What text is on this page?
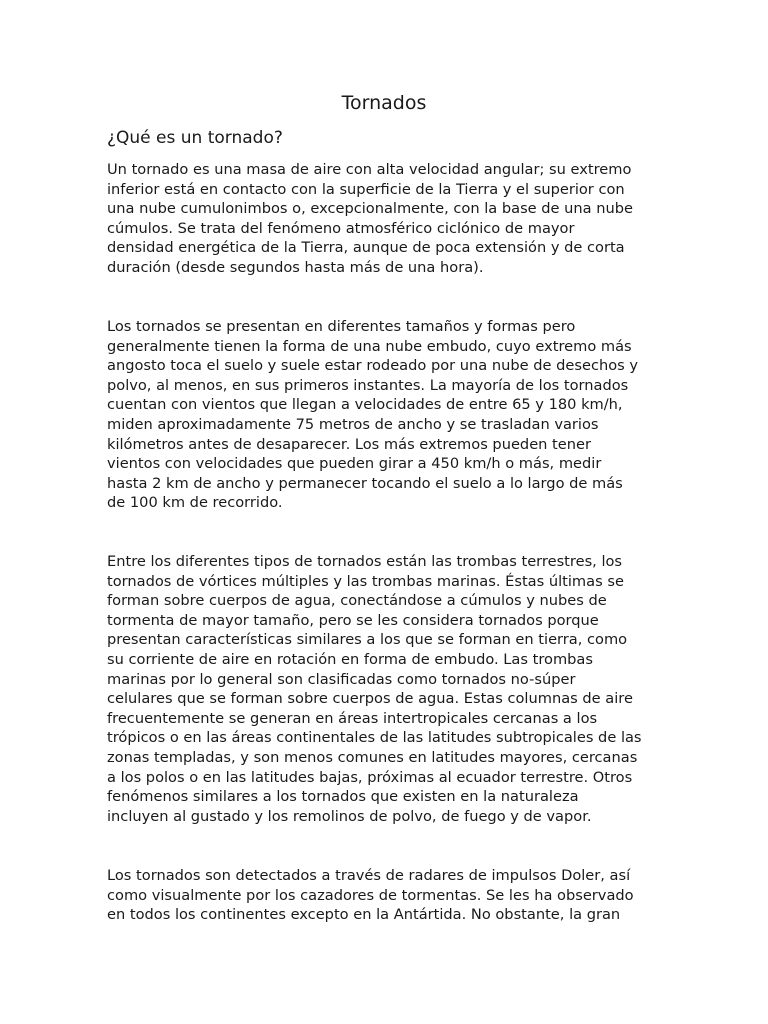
Tornados
¿Qué es un tornado?
Un tornado es una masa de aire con alta velocidad angular; su extremo
inferior está en contacto con la superficie de la Tierra y el superior con
una nube cumulonimbos o, excepcionalmente, con la base de una nube
cúmulos. Se trata del fenómeno atmosférico ciclónico de mayor
densidad energética de la Tierra, aunque de poca extensión y de corta
duración (desde segundos hasta más de una hora).
Los tornados se presentan en diferentes tamaños y formas pero
generalmente tienen la forma de una nube embudo, cuyo extremo más
angosto toca el suelo y suele estar rodeado por una nube de desechos y
polvo, al menos, en sus primeros instantes. La mayoría de los tornados
cuentan con vientos que llegan a velocidades de entre 65 y 180 km/h,
miden aproximadamente 75 metros de ancho y se trasladan varios
kilómetros antes de desaparecer. Los más extremos pueden tener
vientos con velocidades que pueden girar a 450 km/h o más, medir
hasta 2 km de ancho y permanecer tocando el suelo a lo largo de más
de 100 km de recorrido.
Entre los diferentes tipos de tornados están las trombas terrestres, los
tornados de vórtices múltiples y las trombas marinas. Éstas últimas se
forman sobre cuerpos de agua, conectándose a cúmulos y nubes de
tormenta de mayor tamaño, pero se les considera tornados porque
presentan características similares a los que se forman en tierra, como
su corriente de aire en rotación en forma de embudo. Las trombas
marinas por lo general son clasificadas como tornados no-súper
celulares que se forman sobre cuerpos de agua. Estas columnas de aire
frecuentemente se generan en áreas intertropicales cercanas a los
trópicos o en las áreas continentales de las latitudes subtropicales de las
zonas templadas, y son menos comunes en latitudes mayores, cercanas
a los polos o en las latitudes bajas, próximas al ecuador terrestre. Otros
fenómenos similares a los tornados que existen en la naturaleza
incluyen al gustado y los remolinos de polvo, de fuego y de vapor.
Los tornados son detectados a través de radares de impulsos Doler, así
como visualmente por los cazadores de tormentas. Se les ha observado
en todos los continentes excepto en la Antártida. No obstante, la gran
